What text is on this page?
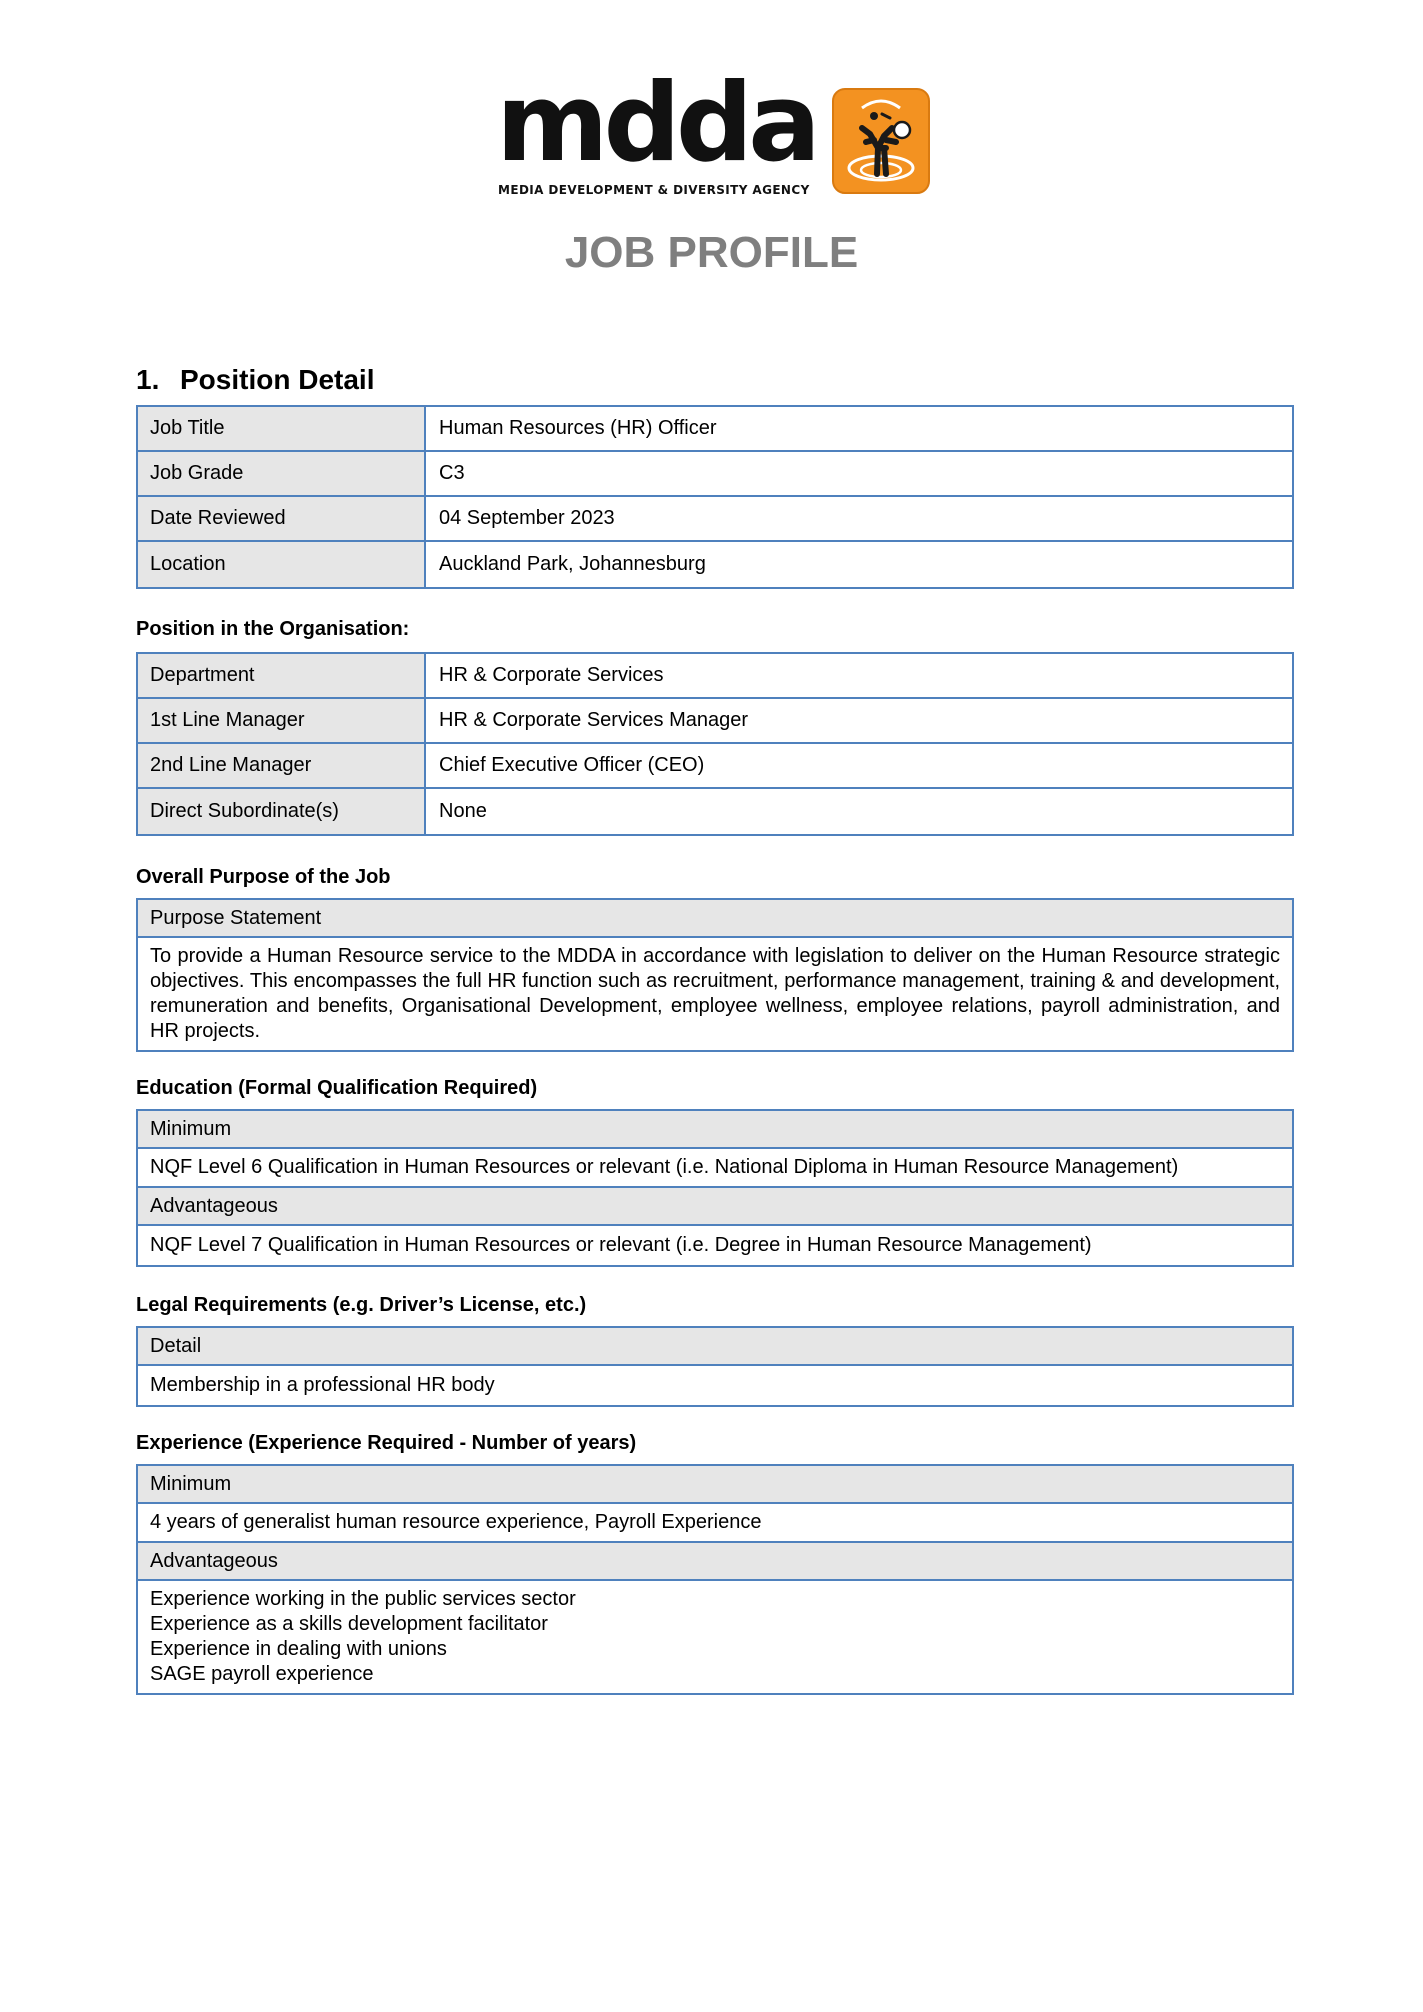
mdda
MEDIA DEVELOPMENT & DIVERSITY AGENCY
JOB PROFILE
1. Position Detail
Job Title	Human Resources (HR) Officer
Job Grade	C3
Date Reviewed	04 September 2023
Location	Auckland Park, Johannesburg
Position in the Organisation:
Department	HR & Corporate Services
1st Line Manager	HR & Corporate Services Manager
2nd Line Manager	Chief Executive Officer (CEO)
Direct Subordinate(s)	None
Overall Purpose of the Job
Purpose Statement
To provide a Human Resource service to the MDDA in accordance with legislation to deliver on the Human Resource strategic objectives. This encompasses the full HR function such as recruitment, performance management, training & and development, remuneration and benefits, Organisational Development, employee wellness, employee relations, payroll administration, and HR projects.
Education (Formal Qualification Required)
Minimum
NQF Level 6 Qualification in Human Resources or relevant (i.e. National Diploma in Human Resource Management)
Advantageous
NQF Level 7 Qualification in Human Resources or relevant (i.e. Degree in Human Resource Management)
Legal Requirements (e.g. Driver’s License, etc.)
Detail
Membership in a professional HR body
Experience (Experience Required - Number of years)
Minimum
4 years of generalist human resource experience, Payroll Experience
Advantageous
Experience working in the public services sector
Experience as a skills development facilitator
Experience in dealing with unions
SAGE payroll experience
